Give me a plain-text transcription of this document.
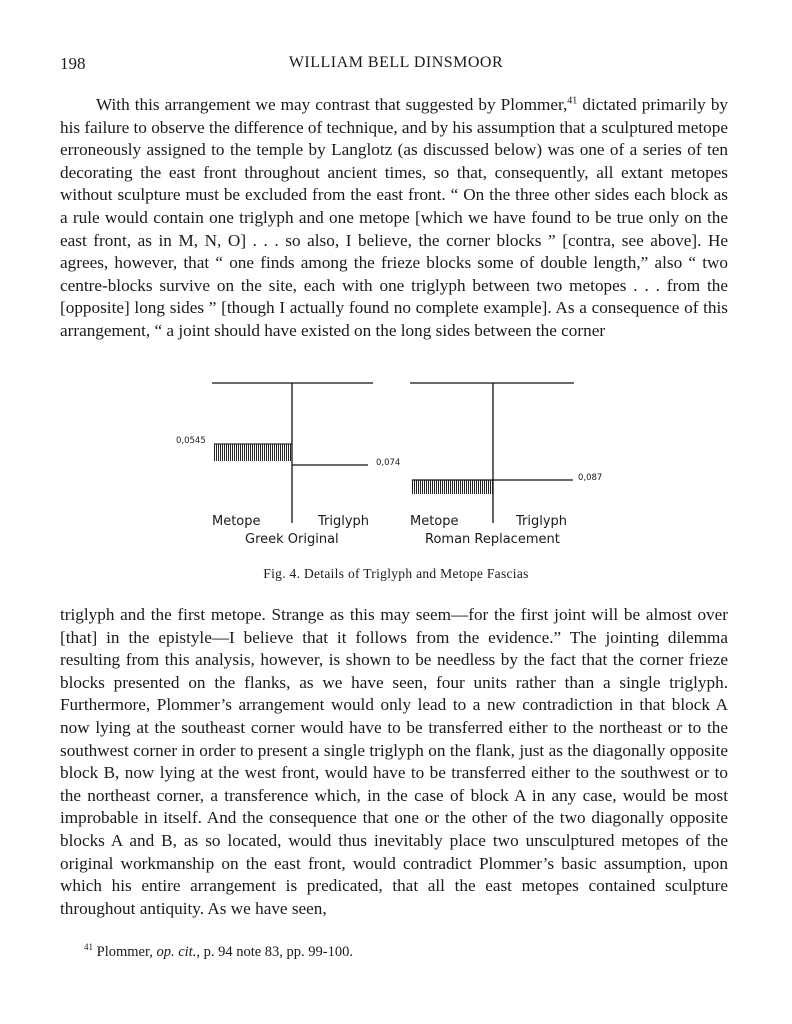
198	WILLIAM BELL DINSMOOR

With this arrangement we may contrast that suggested by Plommer,$^{41}$ dictated primarily by his failure to observe the difference of technique, and by his assumption that a sculptured metope erroneously assigned to the temple by Langlotz (as discussed below) was one of a series of ten decorating the east front throughout ancient times, so that, consequently, all extant metopes without sculpture must be excluded from the east front. “ On the three other sides each block as a rule would contain one triglyph and one metope [which we have found to be true only on the east front, as in M, N, O] . . . so also, I believe, the corner blocks ” [contra, see above]. He agrees, however, that “ one finds among the frieze blocks some of double length,” also “ two centre-blocks survive on the site, each with one triglyph between two metopes . . . from the [opposite] long sides ” [though I actually found no complete example]. As a consequence of this arrangement, “ a joint should have existed on the long sides between the corner

0,0545
0,074
0,087
Metope	Triglyph
Greek Original
Metope	Triglyph
Roman Replacement
Fig. 4. Details of Triglyph and Metope Fascias

triglyph and the first metope. Strange as this may seem—for the first joint will be almost over [that] in the epistyle—I believe that it follows from the evidence.” The jointing dilemma resulting from this analysis, however, is shown to be needless by the fact that the corner frieze blocks presented on the flanks, as we have seen, four units rather than a single triglyph. Furthermore, Plommer’s arrangement would only lead to a new contradiction in that block A now lying at the southeast corner would have to be transferred either to the northeast or to the southwest corner in order to present a single triglyph on the flank, just as the diagonally opposite block B, now lying at the west front, would have to be transferred either to the southwest or to the northeast corner, a transference which, in the case of block A in any case, would be most improbable in itself. And the consequence that one or the other of the two diagonally opposite blocks A and B, as so located, would thus inevitably place two unsculptured metopes of the original workmanship on the east front, would contradict Plommer’s basic assumption, upon which his entire arrangement is predicated, that all the east metopes contained sculpture throughout antiquity. As we have seen,

$^{41}$ Plommer, op. cit., p. 94 note 83, pp. 99-100.
